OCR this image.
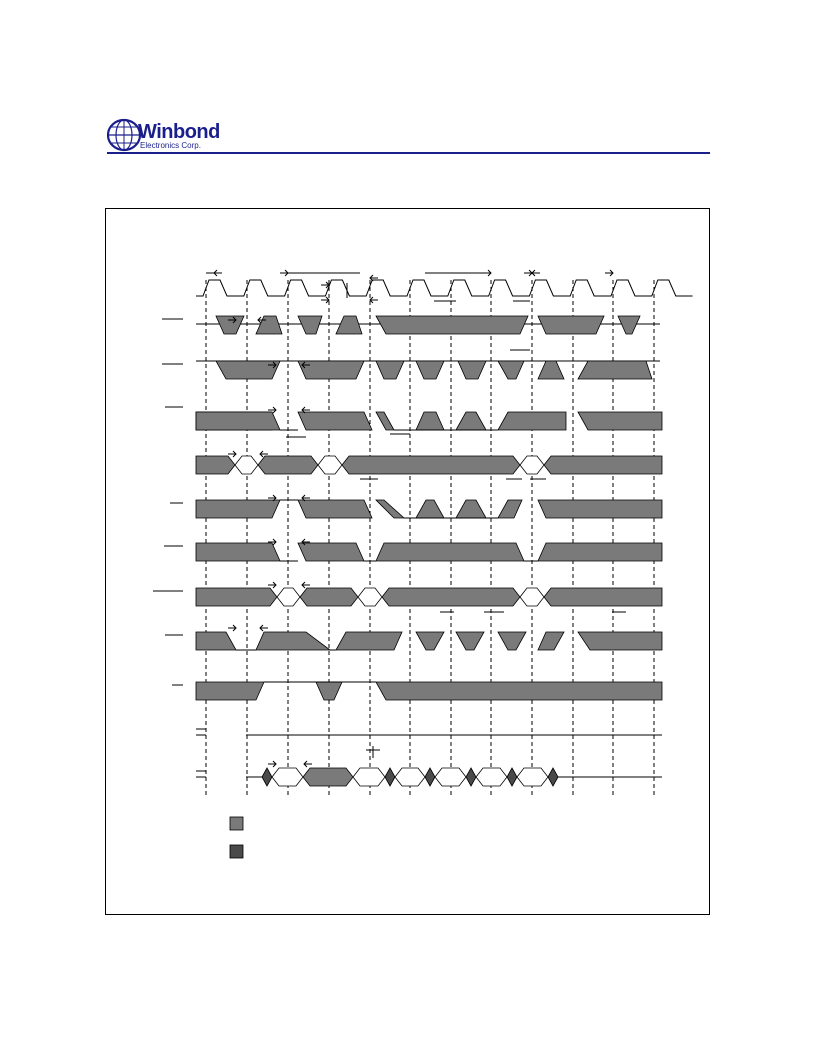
Winbond
Electronics Corp.
